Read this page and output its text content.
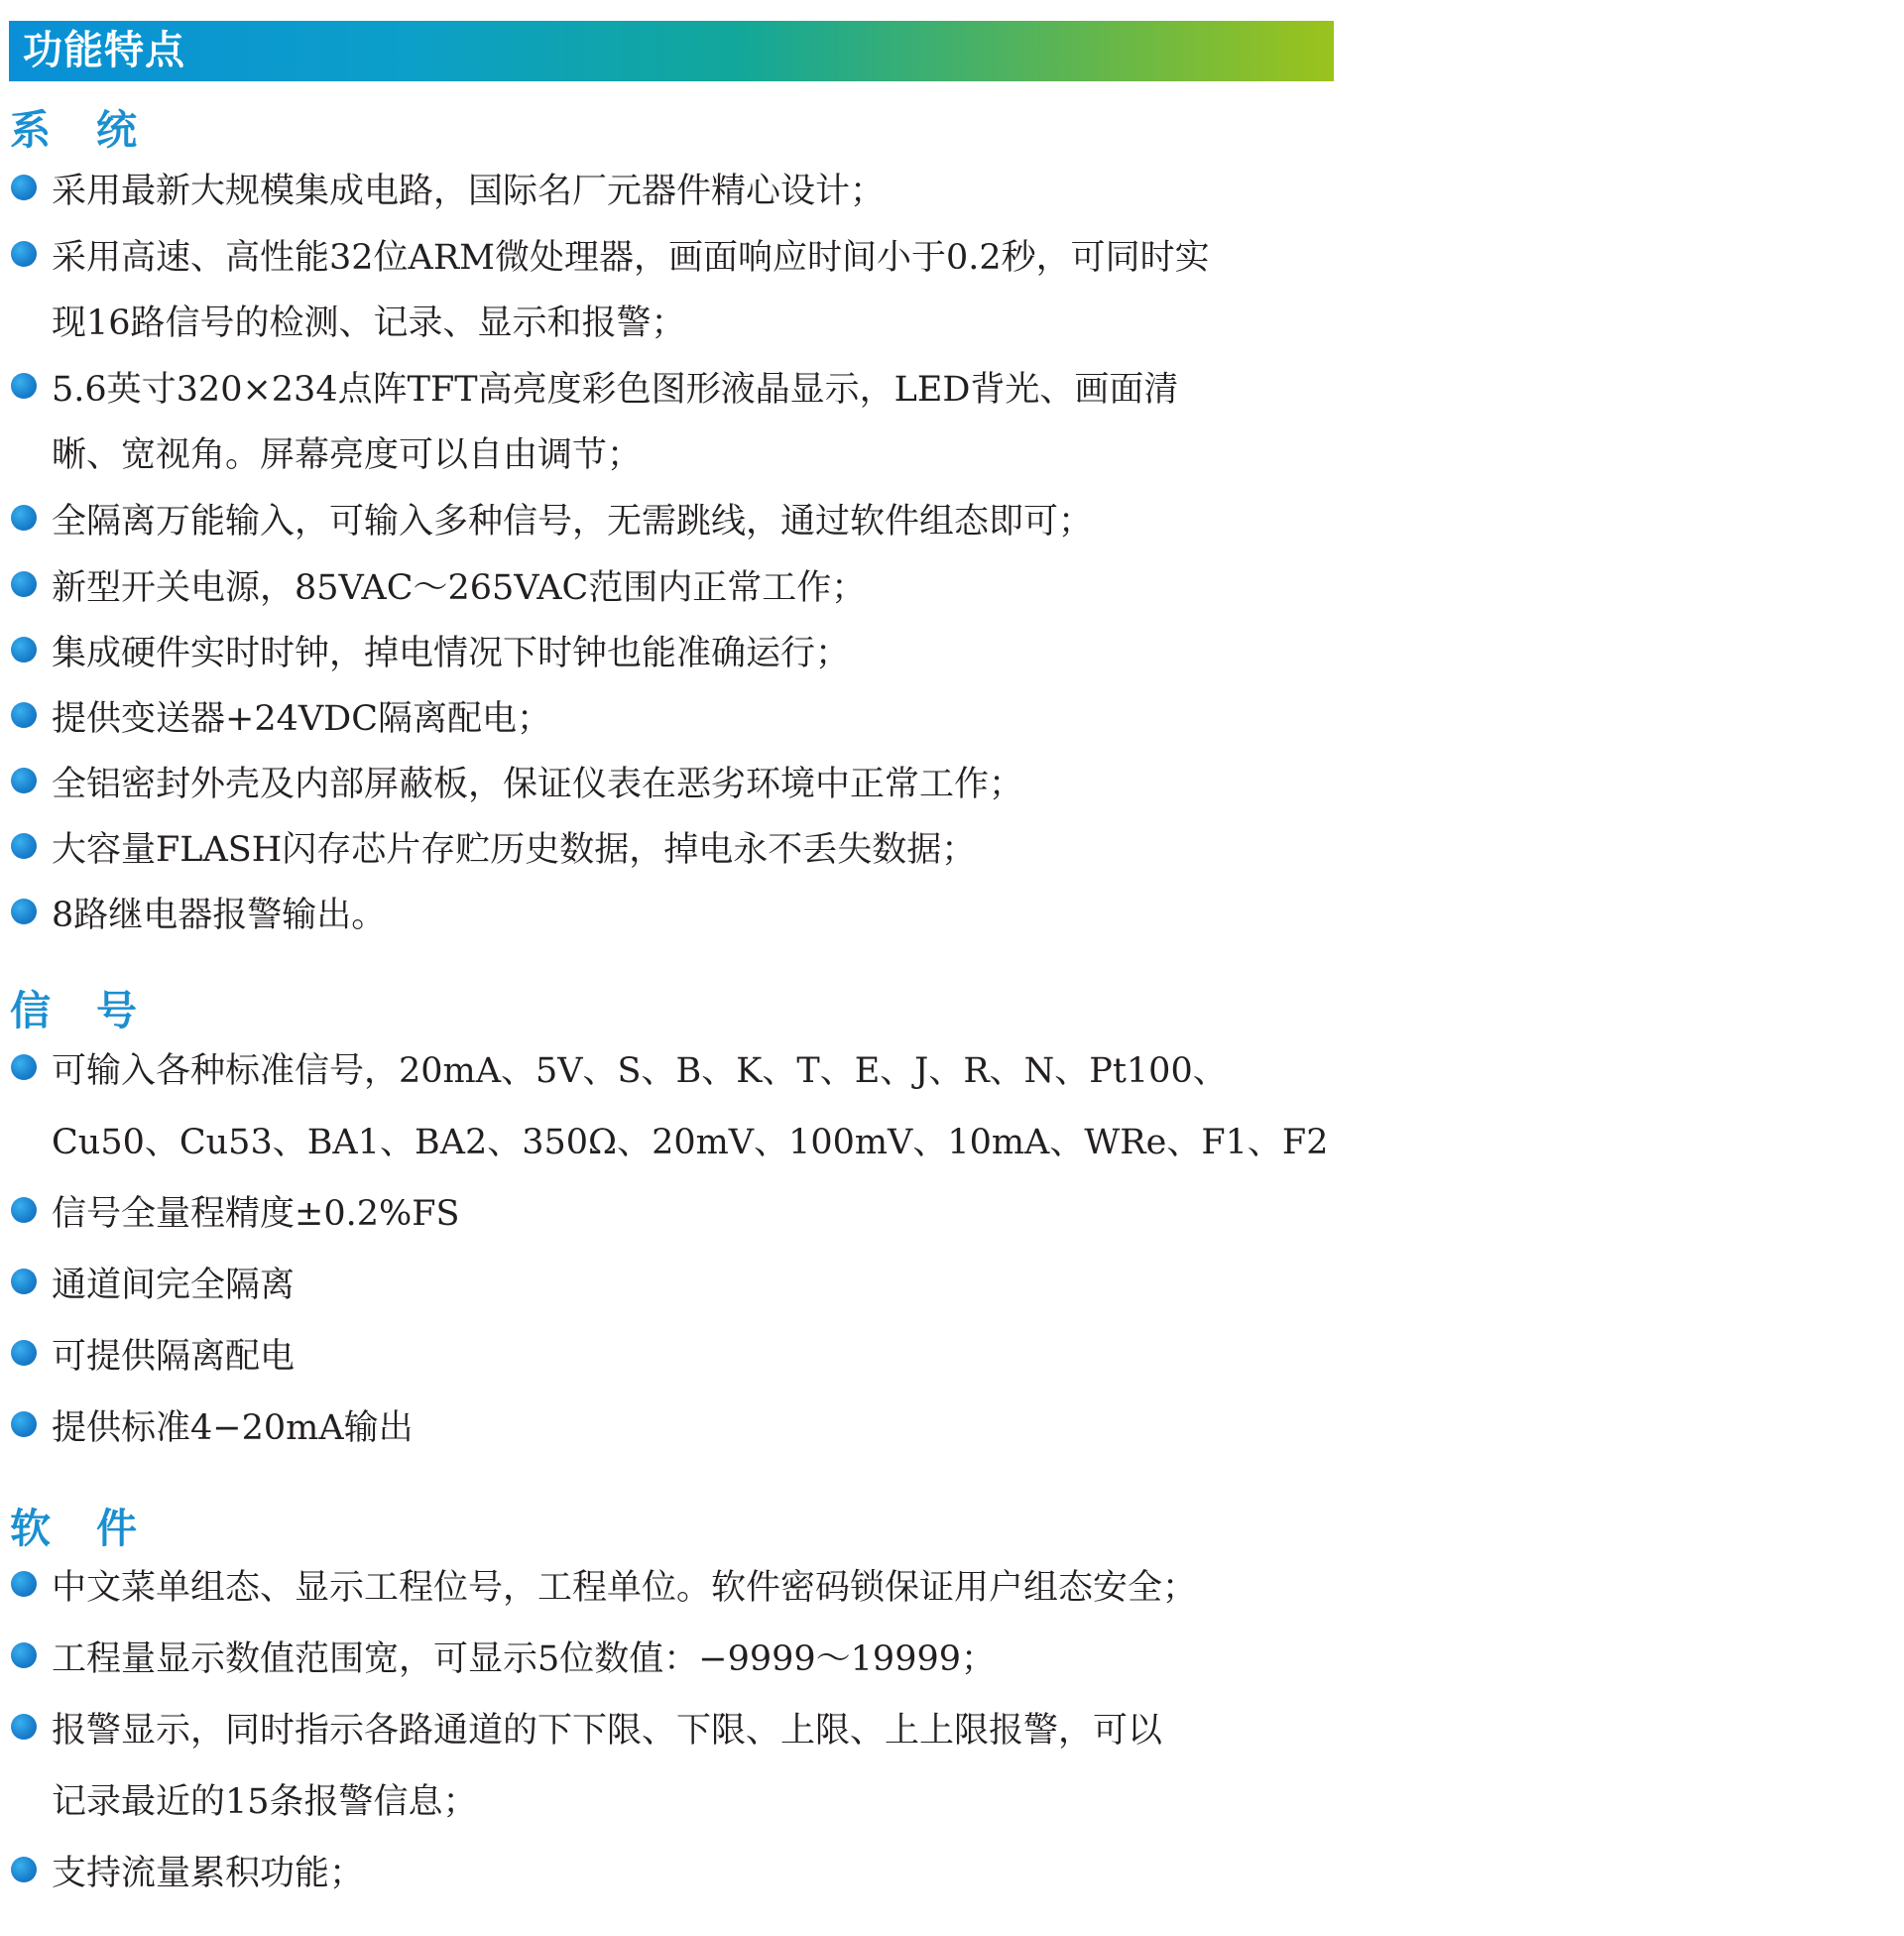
功能特点
系统
采用最新大规模集成电路，国际名厂元器件精心设计；
采用高速、高性能32位ARM微处理器，画面响应时间小于0.2秒，可同时实
现16路信号的检测、记录、显示和报警；
5.6英寸320×234点阵TFT高亮度彩色图形液晶显示，LED背光、画面清
晰、宽视角。屏幕亮度可以自由调节；
全隔离万能输入，可输入多种信号，无需跳线，通过软件组态即可；
新型开关电源，85VAC～265VAC范围内正常工作；
集成硬件实时时钟，掉电情况下时钟也能准确运行；
提供变送器+24VDC隔离配电；
全铝密封外壳及内部屏蔽板，保证仪表在恶劣环境中正常工作；
大容量FLASH闪存芯片存贮历史数据，掉电永不丢失数据；
8路继电器报警输出。
信号
可输入各种标准信号，20mA、5V、S、B、K、T、E、J、R、N、Pt100、
Cu50、Cu53、BA1、BA2、350Ω、20mV、100mV、10mA、WRe、F1、F2
信号全量程精度±0.2%FS
通道间完全隔离
可提供隔离配电
提供标准4−20mA输出
软件
中文菜单组态、显示工程位号，工程单位。软件密码锁保证用户组态安全；
工程量显示数值范围宽，可显示5位数值：−9999～19999；
报警显示，同时指示各路通道的下下限、下限、上限、上上限报警，可以
记录最近的15条报警信息；
支持流量累积功能；
